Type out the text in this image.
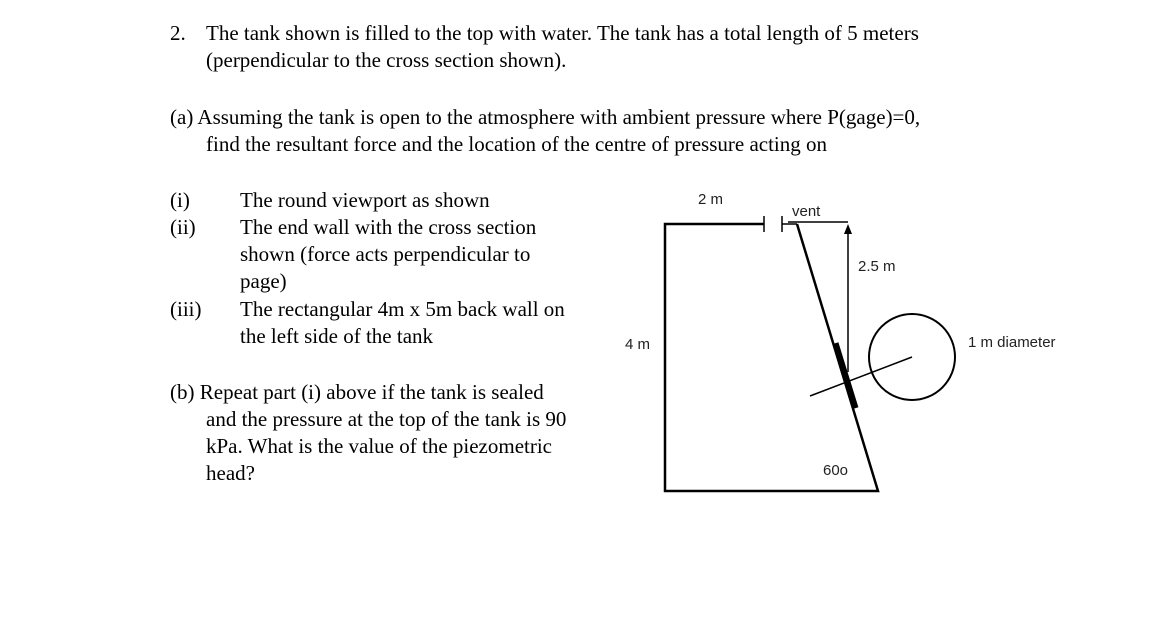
2. The tank shown is filled to the top with water. The tank has a total length of 5 meters
(perpendicular to the cross section shown).
(a) Assuming the tank is open to the atmosphere with ambient pressure where P(gage)=0,
find the resultant force and the location of the centre of pressure acting on
(i) The round viewport as shown
(ii) The end wall with the cross section
shown (force acts perpendicular to
page)
(iii) The rectangular 4m x 5m back wall on
the left side of the tank
(b) Repeat part (i) above if the tank is sealed
and the pressure at the top of the tank is 90
kPa. What is the value of the piezometric
head?
2 m
vent
2.5 m
4 m	1 m diameter
60o
